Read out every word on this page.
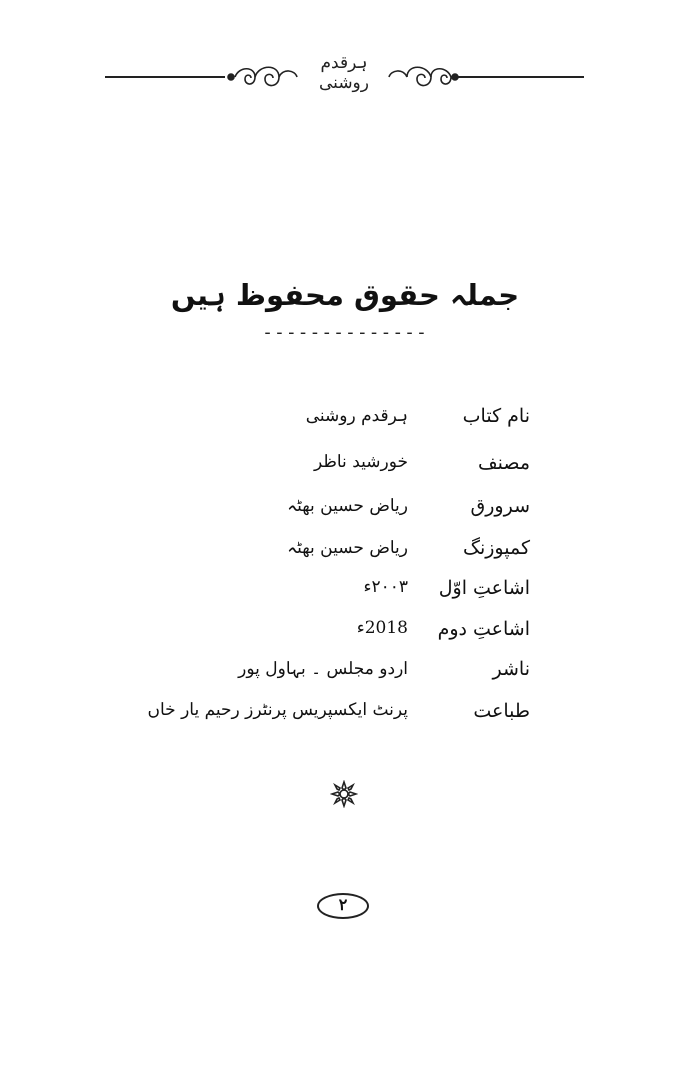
ہرقدم روشنی
جملہ حقوق محفوظ ہیں
--------------
نام کتاب
ہرقدم روشنی
مصنف
خورشید ناظر
سرورق
ریاض حسین بھٹہ
کمپوزنگ
ریاض حسین بھٹہ
اشاعتِ اوّل
۲۰۰۳ء
اشاعتِ دوم
2018ء
ناشر
اردو مجلس ۔ بہاول پور
طباعت
پرنٹ ایکسپریس پرنٹرز رحیم یار خاں
۲
